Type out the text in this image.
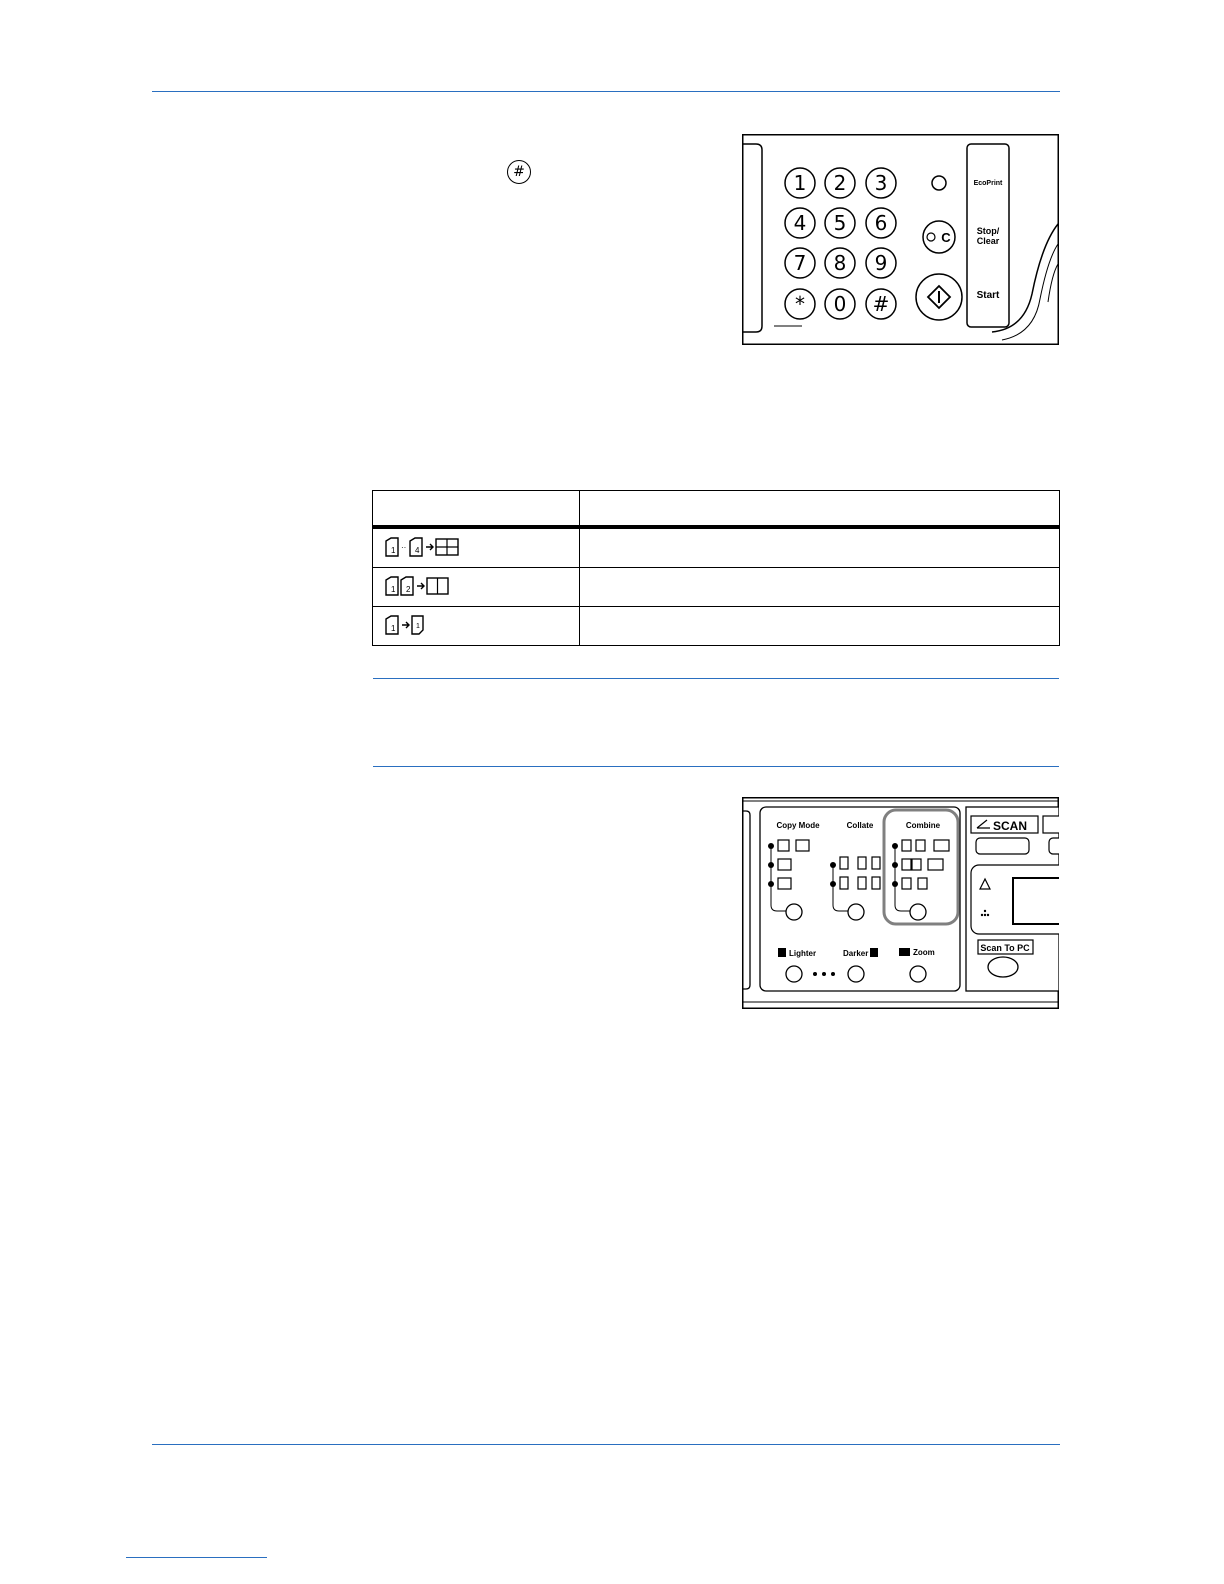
#	1 2 3
4 5 6
7 8 9
* 0 #
C
EcoPrint
Stop/
Clear
Start

1 ·· 4	

1 2	

1 1	

Copy Mode	Collate	Combine
Lighter	Darker	Zoom
SCAN
Scan To PC
